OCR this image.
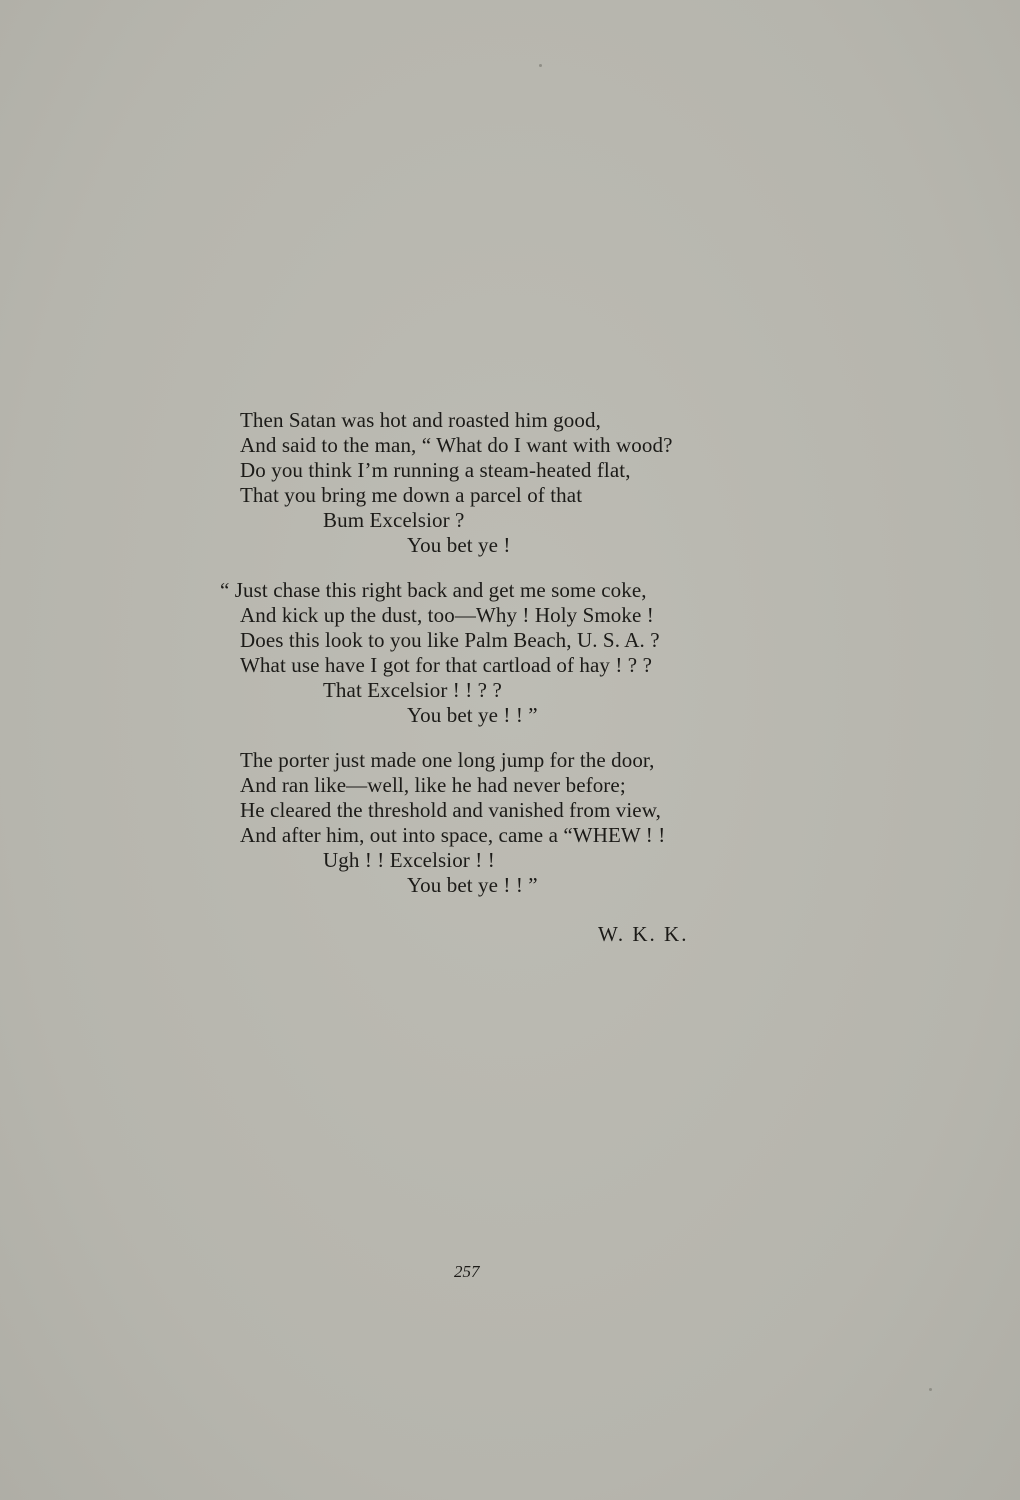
Then Satan was hot and roasted him good,
And said to the man, “ What do I want with wood?
Do you think I’m running a steam-heated flat,
That you bring me down a parcel of that
Bum Excelsior ?
You bet ye !
“ Just chase this right back and get me some coke,
And kick up the dust, too—Why ! Holy Smoke !
Does this look to you like Palm Beach, U. S. A. ?
What use have I got for that cartload of hay ! ? ?
That Excelsior ! ! ? ?
You bet ye ! ! ”
The porter just made one long jump for the door,
And ran like—well, like he had never before;
He cleared the threshold and vanished from view,
And after him, out into space, came a “WHEW ! !
Ugh ! ! Excelsior ! !
You bet ye ! ! ”
W. K. K.
257
